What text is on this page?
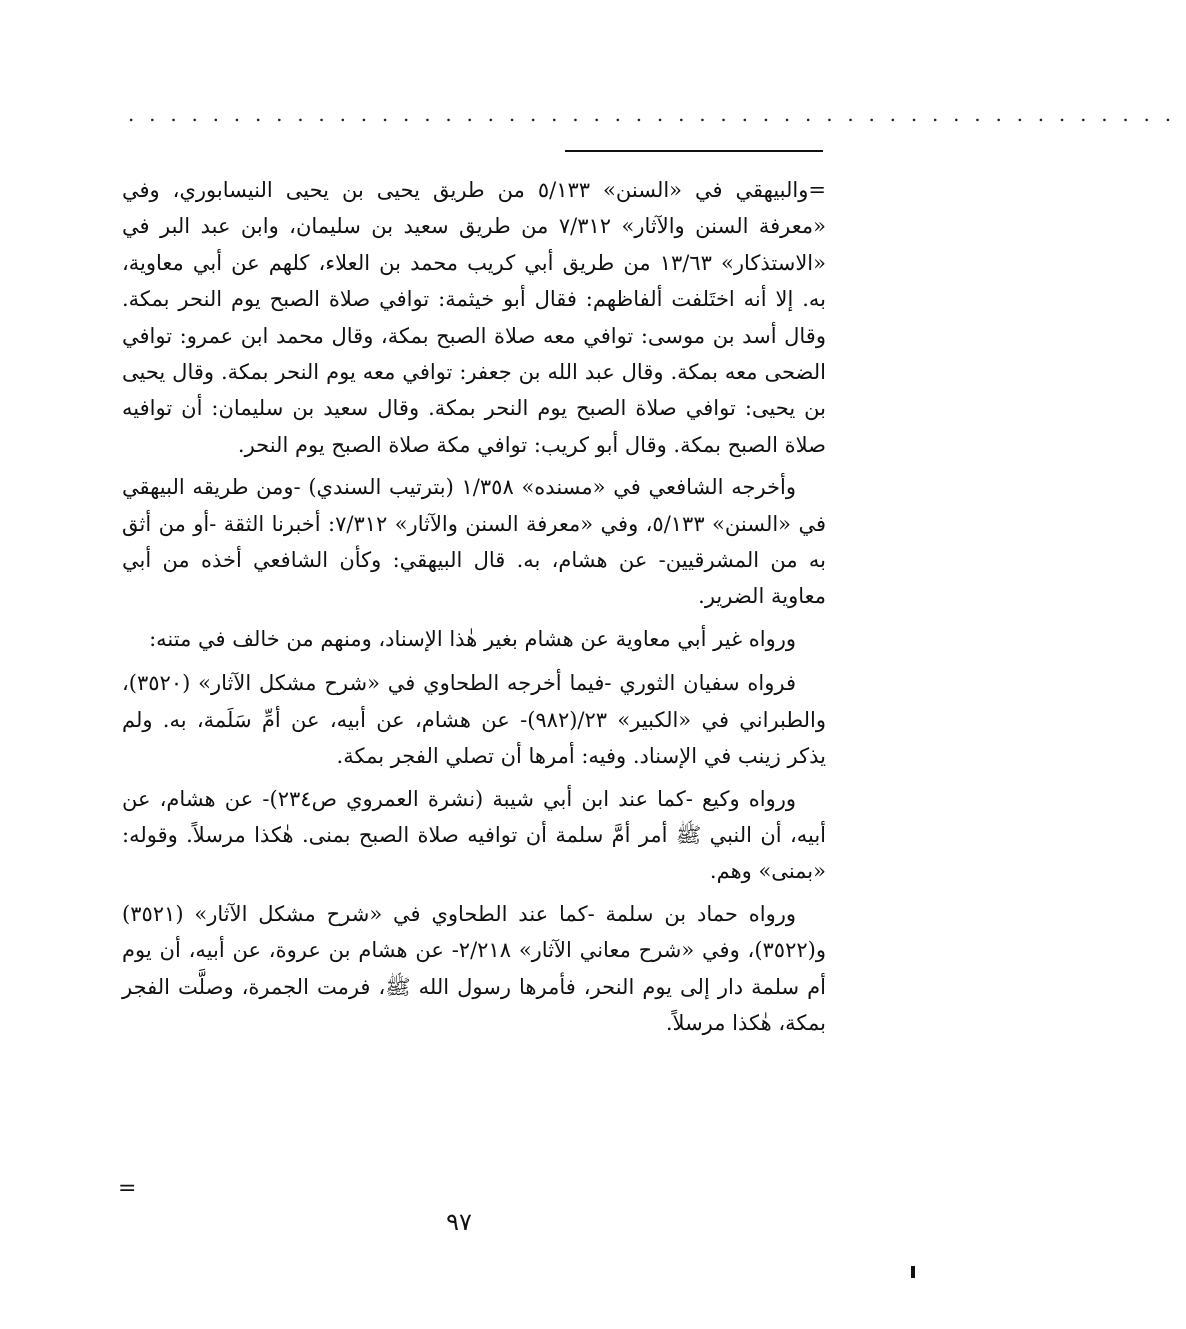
..................................................

=والبيهقي في «السنن» ٥/١٣٣ من طريق يحيى بن يحيى النيسابوري، وفي «معرفة السنن والآثار» ٧/٣١٢ من طريق سعيد بن سليمان، وابن عبد البر في «الاستذكار» ١٣/٦٣ من طريق أبي كريب محمد بن العلاء، كلهم عن أبي معاوية، به. إلا أنه اختَلفت ألفاظهم: فقال أبو خيثمة: توافي صلاة الصبح يوم النحر بمكة. وقال أسد بن موسى: توافي معه صلاة الصبح بمكة، وقال محمد ابن عمرو: توافي الضحى معه بمكة. وقال عبد الله بن جعفر: توافي معه يوم النحر بمكة. وقال يحيى بن يحيى: توافي صلاة الصبح يوم النحر بمكة. وقال سعيد بن سليمان: أن توافيه صلاة الصبح بمكة. وقال أبو كريب: توافي مكة صلاة الصبح يوم النحر.

وأخرجه الشافعي في «مسنده» ١/٣٥٨ (بترتيب السندي) -ومن طريقه البيهقي في «السنن» ٥/١٣٣، وفي «معرفة السنن والآثار» ٧/٣١٢: أخبرنا الثقة -أو من أثق به من المشرقيين- عن هشام، به. قال البيهقي: وكأن الشافعي أخذه من أبي معاوية الضرير.

ورواه غير أبي معاوية عن هشام بغير هٰذا الإسناد، ومنهم من خالف في متنه:

فرواه سفيان الثوري -فيما أخرجه الطحاوي في «شرح مشكل الآثار» (٣٥٢٠)، والطبراني في «الكبير» ٢٣/(٩٨٢)- عن هشام، عن أبيه، عن أمِّ سَلَمة، به. ولم يذكر زينب في الإسناد. وفيه: أمرها أن تصلي الفجر بمكة.

ورواه وكيع -كما عند ابن أبي شيبة (نشرة العمروي ص٢٣٤)- عن هشام، عن أبيه، أن النبي ﷺ أمر أمَّ سلمة أن توافيه صلاة الصبح بمنى. هٰكذا مرسلاً. وقوله: «بمنى» وهم.

ورواه حماد بن سلمة -كما عند الطحاوي في «شرح مشكل الآثار» (٣٥٢١) و(٣٥٢٢)، وفي «شرح معاني الآثار» ٢/٢١٨- عن هشام بن عروة، عن أبيه، أن يوم أم سلمة دار إلى يوم النحر، فأمرها رسول الله ﷺ، فرمت الجمرة، وصلَّت الفجر بمكة، هٰكذا مرسلاً.

=
٩٧
